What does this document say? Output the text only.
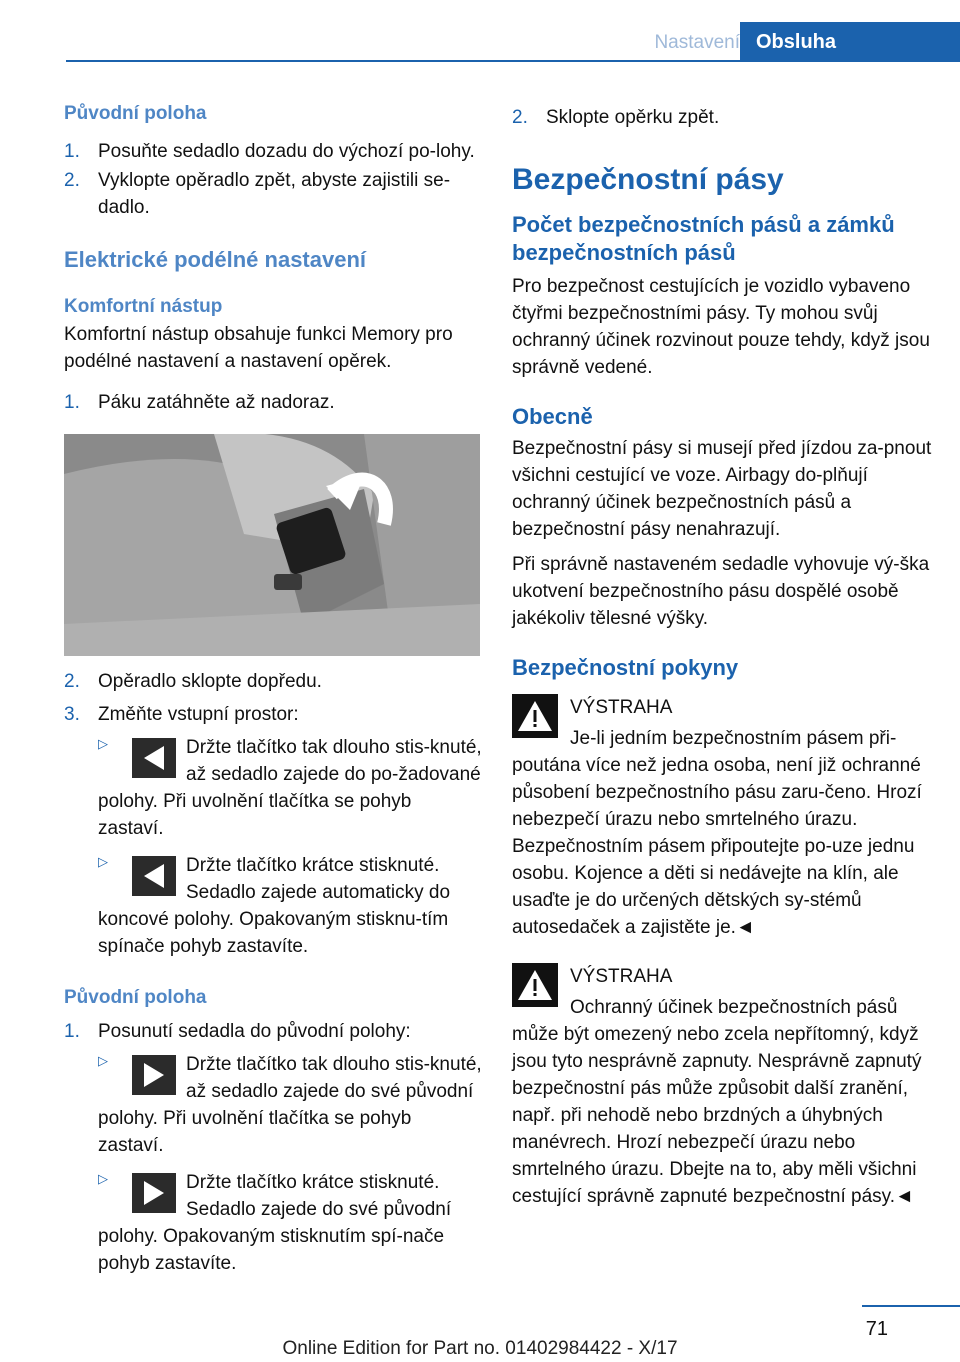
Nastavení Obsluha
Původní poloha
1. Posuňte sedadlo dozadu do výchozí po-lohy.
2. Vyklopte opěradlo zpět, abyste zajistili se-dadlo.
Elektrické podélné nastavení
Komfortní nástup

Komfortní nástup obsahuje funkci Memory pro podélné nastavení a nastavení opěrek.

1. Páku zatáhněte až nadoraz.
2. Opěradlo sklopte dopředu.
3. Změňte vstupní prostor:
▷	Držte tlačítko tak dlouho stis-knuté, až sedadlo zajede do po-žadované polohy. Při uvolnění tlačítka se pohyb zastaví.
▷	Držte tlačítko krátce stisknuté. Sedadlo zajede automaticky do koncové polohy. Opakovaným stisknu-tím spínače pohyb zastavíte.
Původní poloha
1. Posunutí sedadla do původní polohy:
▷	Držte tlačítko tak dlouho stis-knuté, až sedadlo zajede do své původní polohy. Při uvolnění tlačítka se pohyb zastaví.
▷	Držte tlačítko krátce stisknuté. Sedadlo zajede do své původní polohy. Opakovaným stisknutím spí-nače pohyb zastavíte.
2. Sklopte opěrku zpět.
Bezpečnostní pásy
Počet bezpečnostních pásů a zámků bezpečnostních pásů

Pro bezpečnost cestujících je vozidlo vybaveno čtyřmi bezpečnostními pásy. Ty mohou svůj ochranný účinek rozvinout pouze tehdy, když jsou správně vedené.

Obecně

Bezpečnostní pásy si musejí před jízdou za-pnout všichni cestující ve voze. Airbagy do-plňují ochranný účinek bezpečnostních pásů a bezpečnostní pásy nenahrazují.

Při správně nastaveném sedadle vyhovuje vý-ška ukotvení bezpečnostního pásu dospělé osobě jakékoliv tělesné výšky.

Bezpečnostní pokyny

VÝSTRAHA

Je-li jedním bezpečnostním pásem při-poutána více než jedna osoba, není již ochranné působení bezpečnostního pásu zaru-čeno. Hrozí nebezpečí úrazu nebo smrtelného úrazu. Bezpečnostním pásem připoutejte po-uze jednu osobu. Kojence a děti si nedávejte na klín, ale usaďte je do určených dětských sy-stémů autosedaček a zajistěte je.◄

VÝSTRAHA

Ochranný účinek bezpečnostních pásů může být omezený nebo zcela nepřítomný, když jsou tyto nesprávně zapnuty. Nesprávně zapnutý bezpečnostní pás může způsobit další zranění, např. při nehodě nebo brzdných a úhybných manévrech. Hrozí nebezpečí úrazu nebo smrtelného úrazu. Dbejte na to, aby měli všichni cestující správně zapnuté bezpečnostní pásy.◄

71
Online Edition for Part no. 01402984422 - X/17
